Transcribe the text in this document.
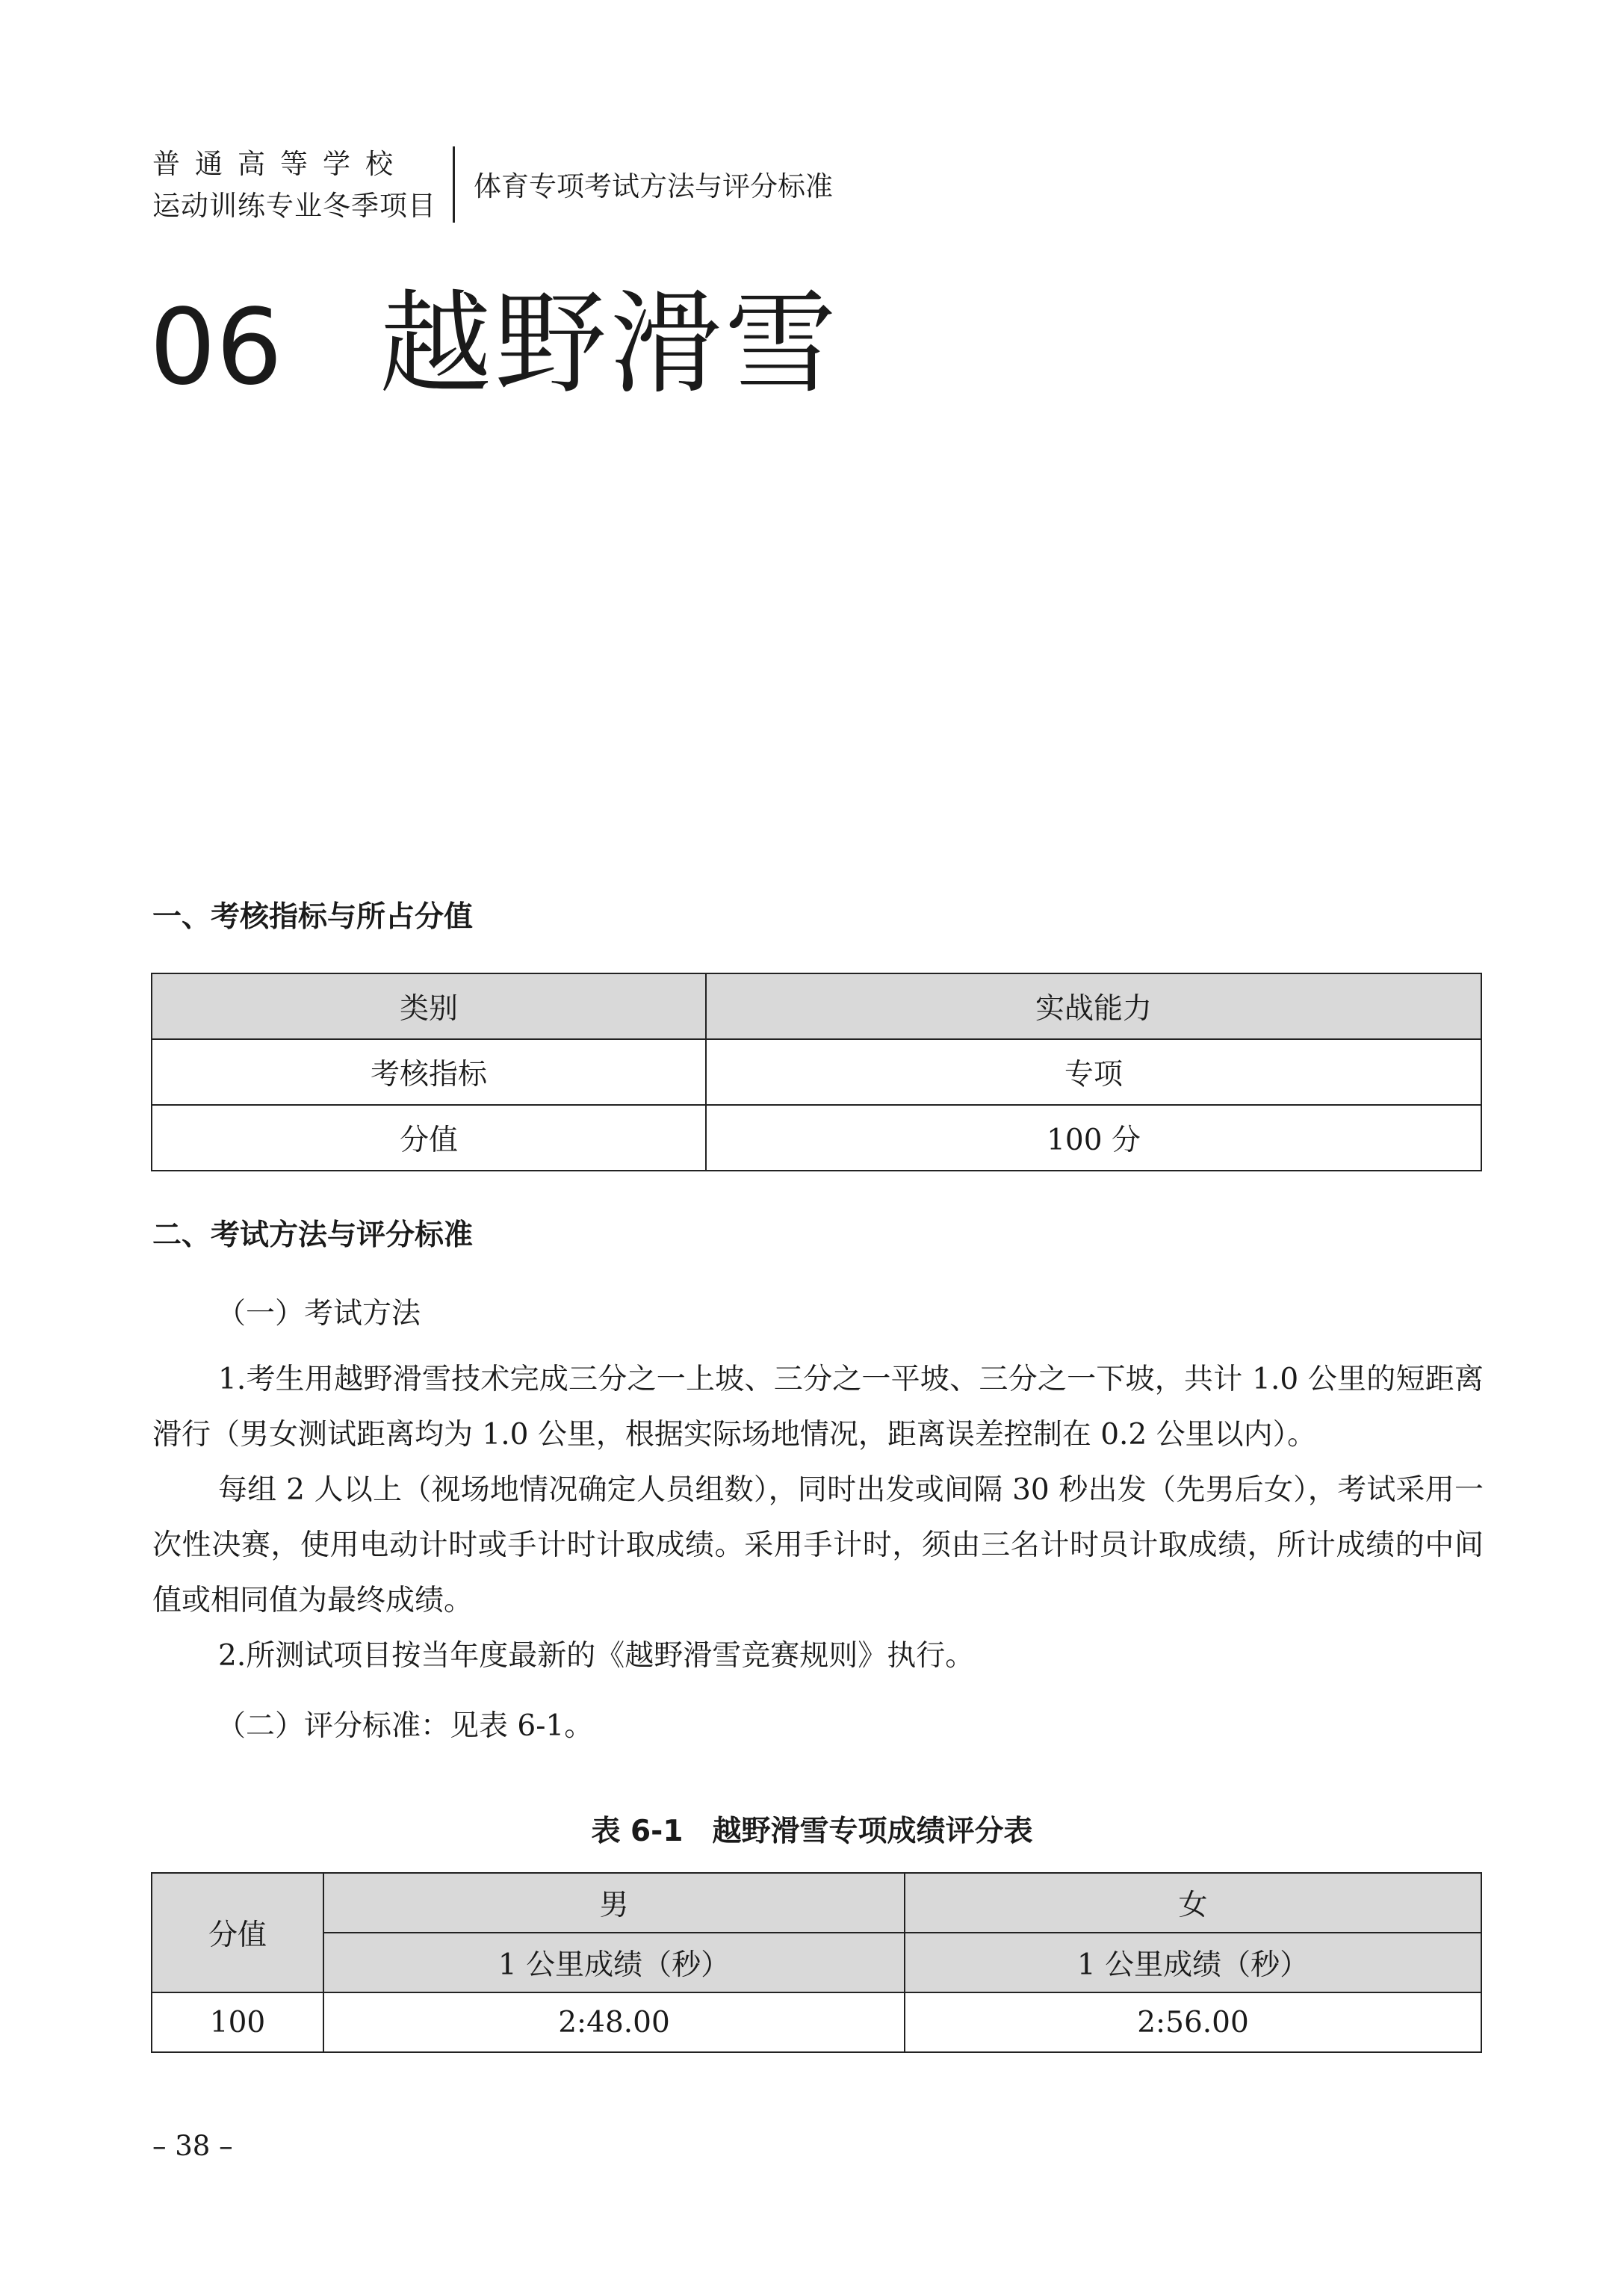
普通高等学校
运动训练专业冬季项目
体育专项考试方法与评分标准
06 越野滑雪
一、考核指标与所占分值
类别	实战能力
考核指标	专项
分值	100 分
二、考试方法与评分标准
（一）考试方法
1.考生用越野滑雪技术完成三分之一上坡、三分之一平坡、三分之一下坡，共计 1.0 公里的短距离滑行（男女测试距离均为 1.0 公里，根据实际场地情况，距离误差控制在 0.2 公里以内）。
每组 2 人以上（视场地情况确定人员组数），同时出发或间隔 30 秒出发（先男后女），考试采用一次性决赛，使用电动计时或手计时计取成绩。采用手计时，须由三名计时员计取成绩，所计成绩的中间值或相同值为最终成绩。
2.所测试项目按当年度最新的《越野滑雪竞赛规则》执行。
（二）评分标准：见表 6-1。
表 6-1　越野滑雪专项成绩评分表
分值	男	女
	1 公里成绩（秒）	1 公里成绩（秒）
100	2:48.00	2:56.00
– 38 –
